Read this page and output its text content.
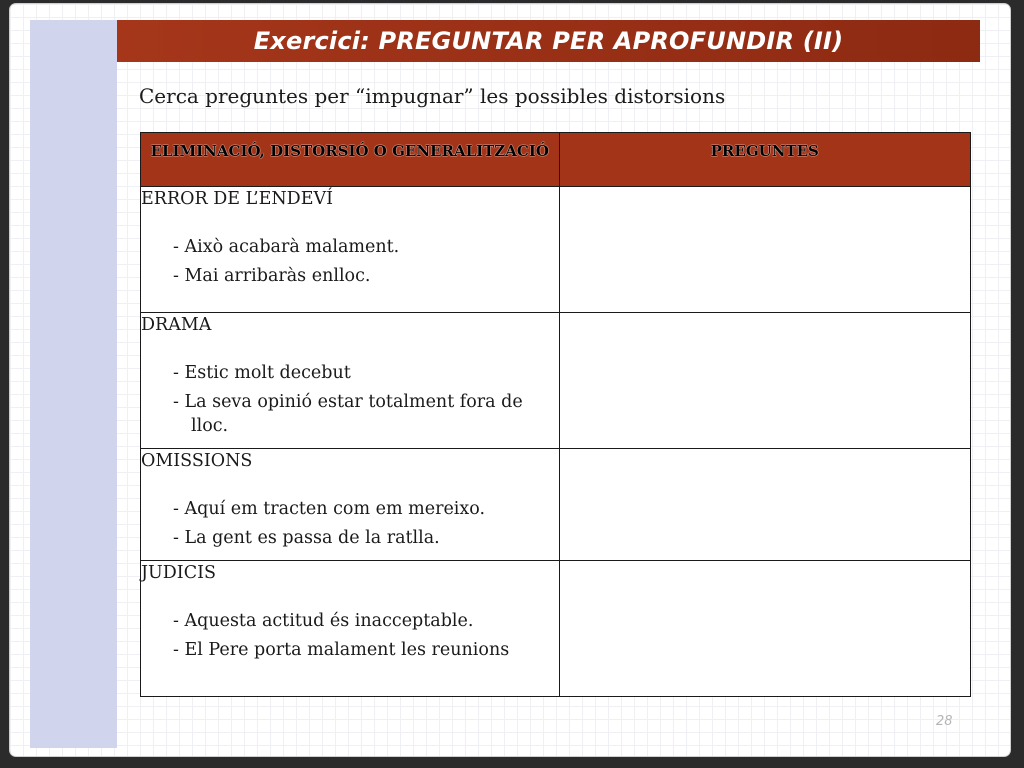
Exercici: PREGUNTAR PER APROFUNDIR (II)

Cerca preguntes per “impugnar” les possibles distorsions

ELIMINACIÓ, DISTORSIÓ O GENERALITZACIÓ	PREGUNTES

ERROR DE L’ENDEVÍ
- Això acabarà malament.
- Mai arribaràs enlloc.	

DRAMA
- Estic molt decebut
- La seva opinió estar totalment fora de lloc.	

OMISSIONS
- Aquí em tracten com em mereixo.
- La gent es passa de la ratlla.	

JUDICIS
- Aquesta actitud és inacceptable.
- El Pere porta malament les reunions	

28
